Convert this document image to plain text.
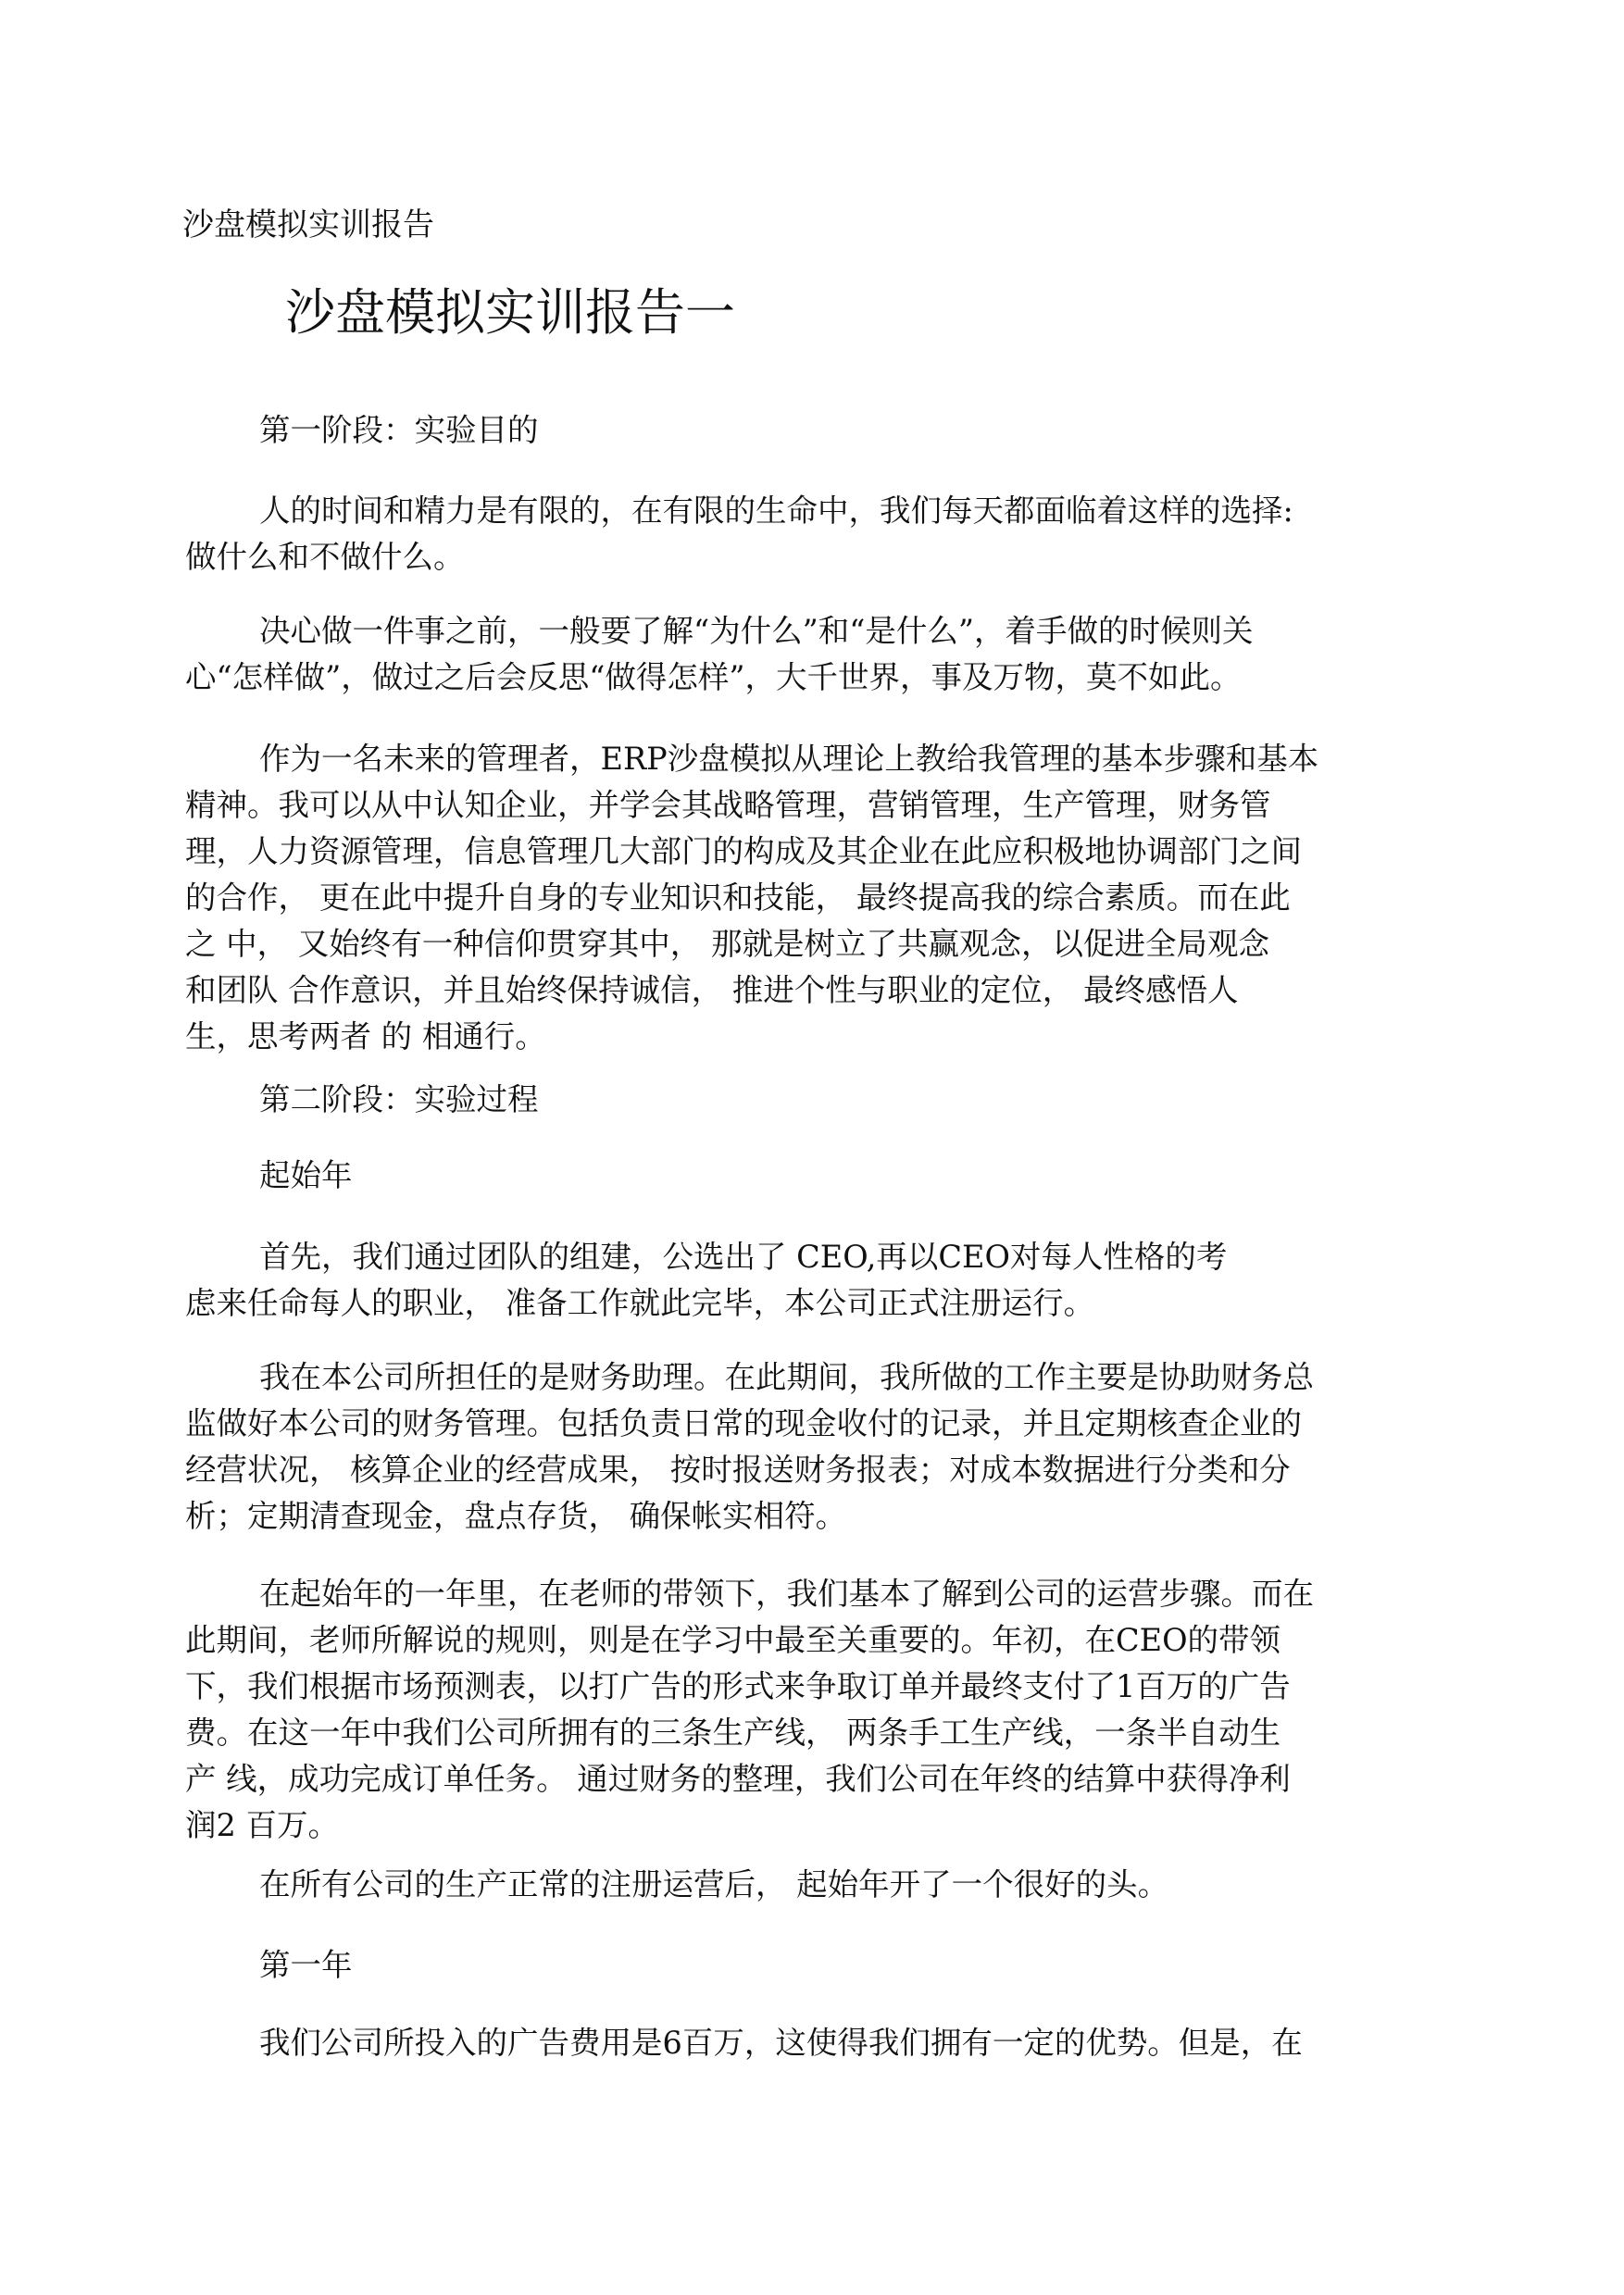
沙盘模拟实训报告
沙盘模拟实训报告一
第一阶段：实验目的
人的时间和精力是有限的，在有限的生命中，我们每天都面临着这样的选择:
做什么和不做什么。
决心做一件事之前，一般要了解“为什么”和“是什么”，着手做的时候则关
心“怎样做”，做过之后会反思“做得怎样”，大千世界，事及万物，莫不如此。
作为一名未来的管理者，ERP沙盘模拟从理论上教给我管理的基本步骤和基本
精神。我可以从中认知企业，并学会其战略管理，营销管理，生产管理，财务管
理，人力资源管理，信息管理几大部门的构成及其企业在此应积极地协调部门之间
的合作， 更在此中提升自身的专业知识和技能， 最终提高我的综合素质。而在此
之 中， 又始终有一种信仰贯穿其中， 那就是树立了共赢观念，以促进全局观念
和团队 合作意识，并且始终保持诚信， 推进个性与职业的定位， 最终感悟人
生，思考两者 的 相通行。
第二阶段：实验过程
起始年
首先，我们通过团队的组建，公选出了 CEO,再以CEO对每人性格的考
虑来任命每人的职业， 准备工作就此完毕，本公司正式注册运行。
我在本公司所担任的是财务助理。在此期间，我所做的工作主要是协助财务总
监做好本公司的财务管理。包括负责日常的现金收付的记录，并且定期核查企业的
经营状况， 核算企业的经营成果， 按时报送财务报表；对成本数据进行分类和分
析；定期清查现金，盘点存货， 确保帐实相符。
在起始年的一年里，在老师的带领下，我们基本了解到公司的运营步骤。而在
此期间，老师所解说的规则，则是在学习中最至关重要的。年初，在CEO的带领
下，我们根据市场预测表，以打广告的形式来争取订单并最终支付了1百万的广告
费。在这一年中我们公司所拥有的三条生产线， 两条手工生产线，一条半自动生
产 线，成功完成订单任务。 通过财务的整理，我们公司在年终的结算中获得净利
润2 百万。
在所有公司的生产正常的注册运营后， 起始年开了一个很好的头。
第一年
我们公司所投入的广告费用是6百万，这使得我们拥有一定的优势。但是，在
